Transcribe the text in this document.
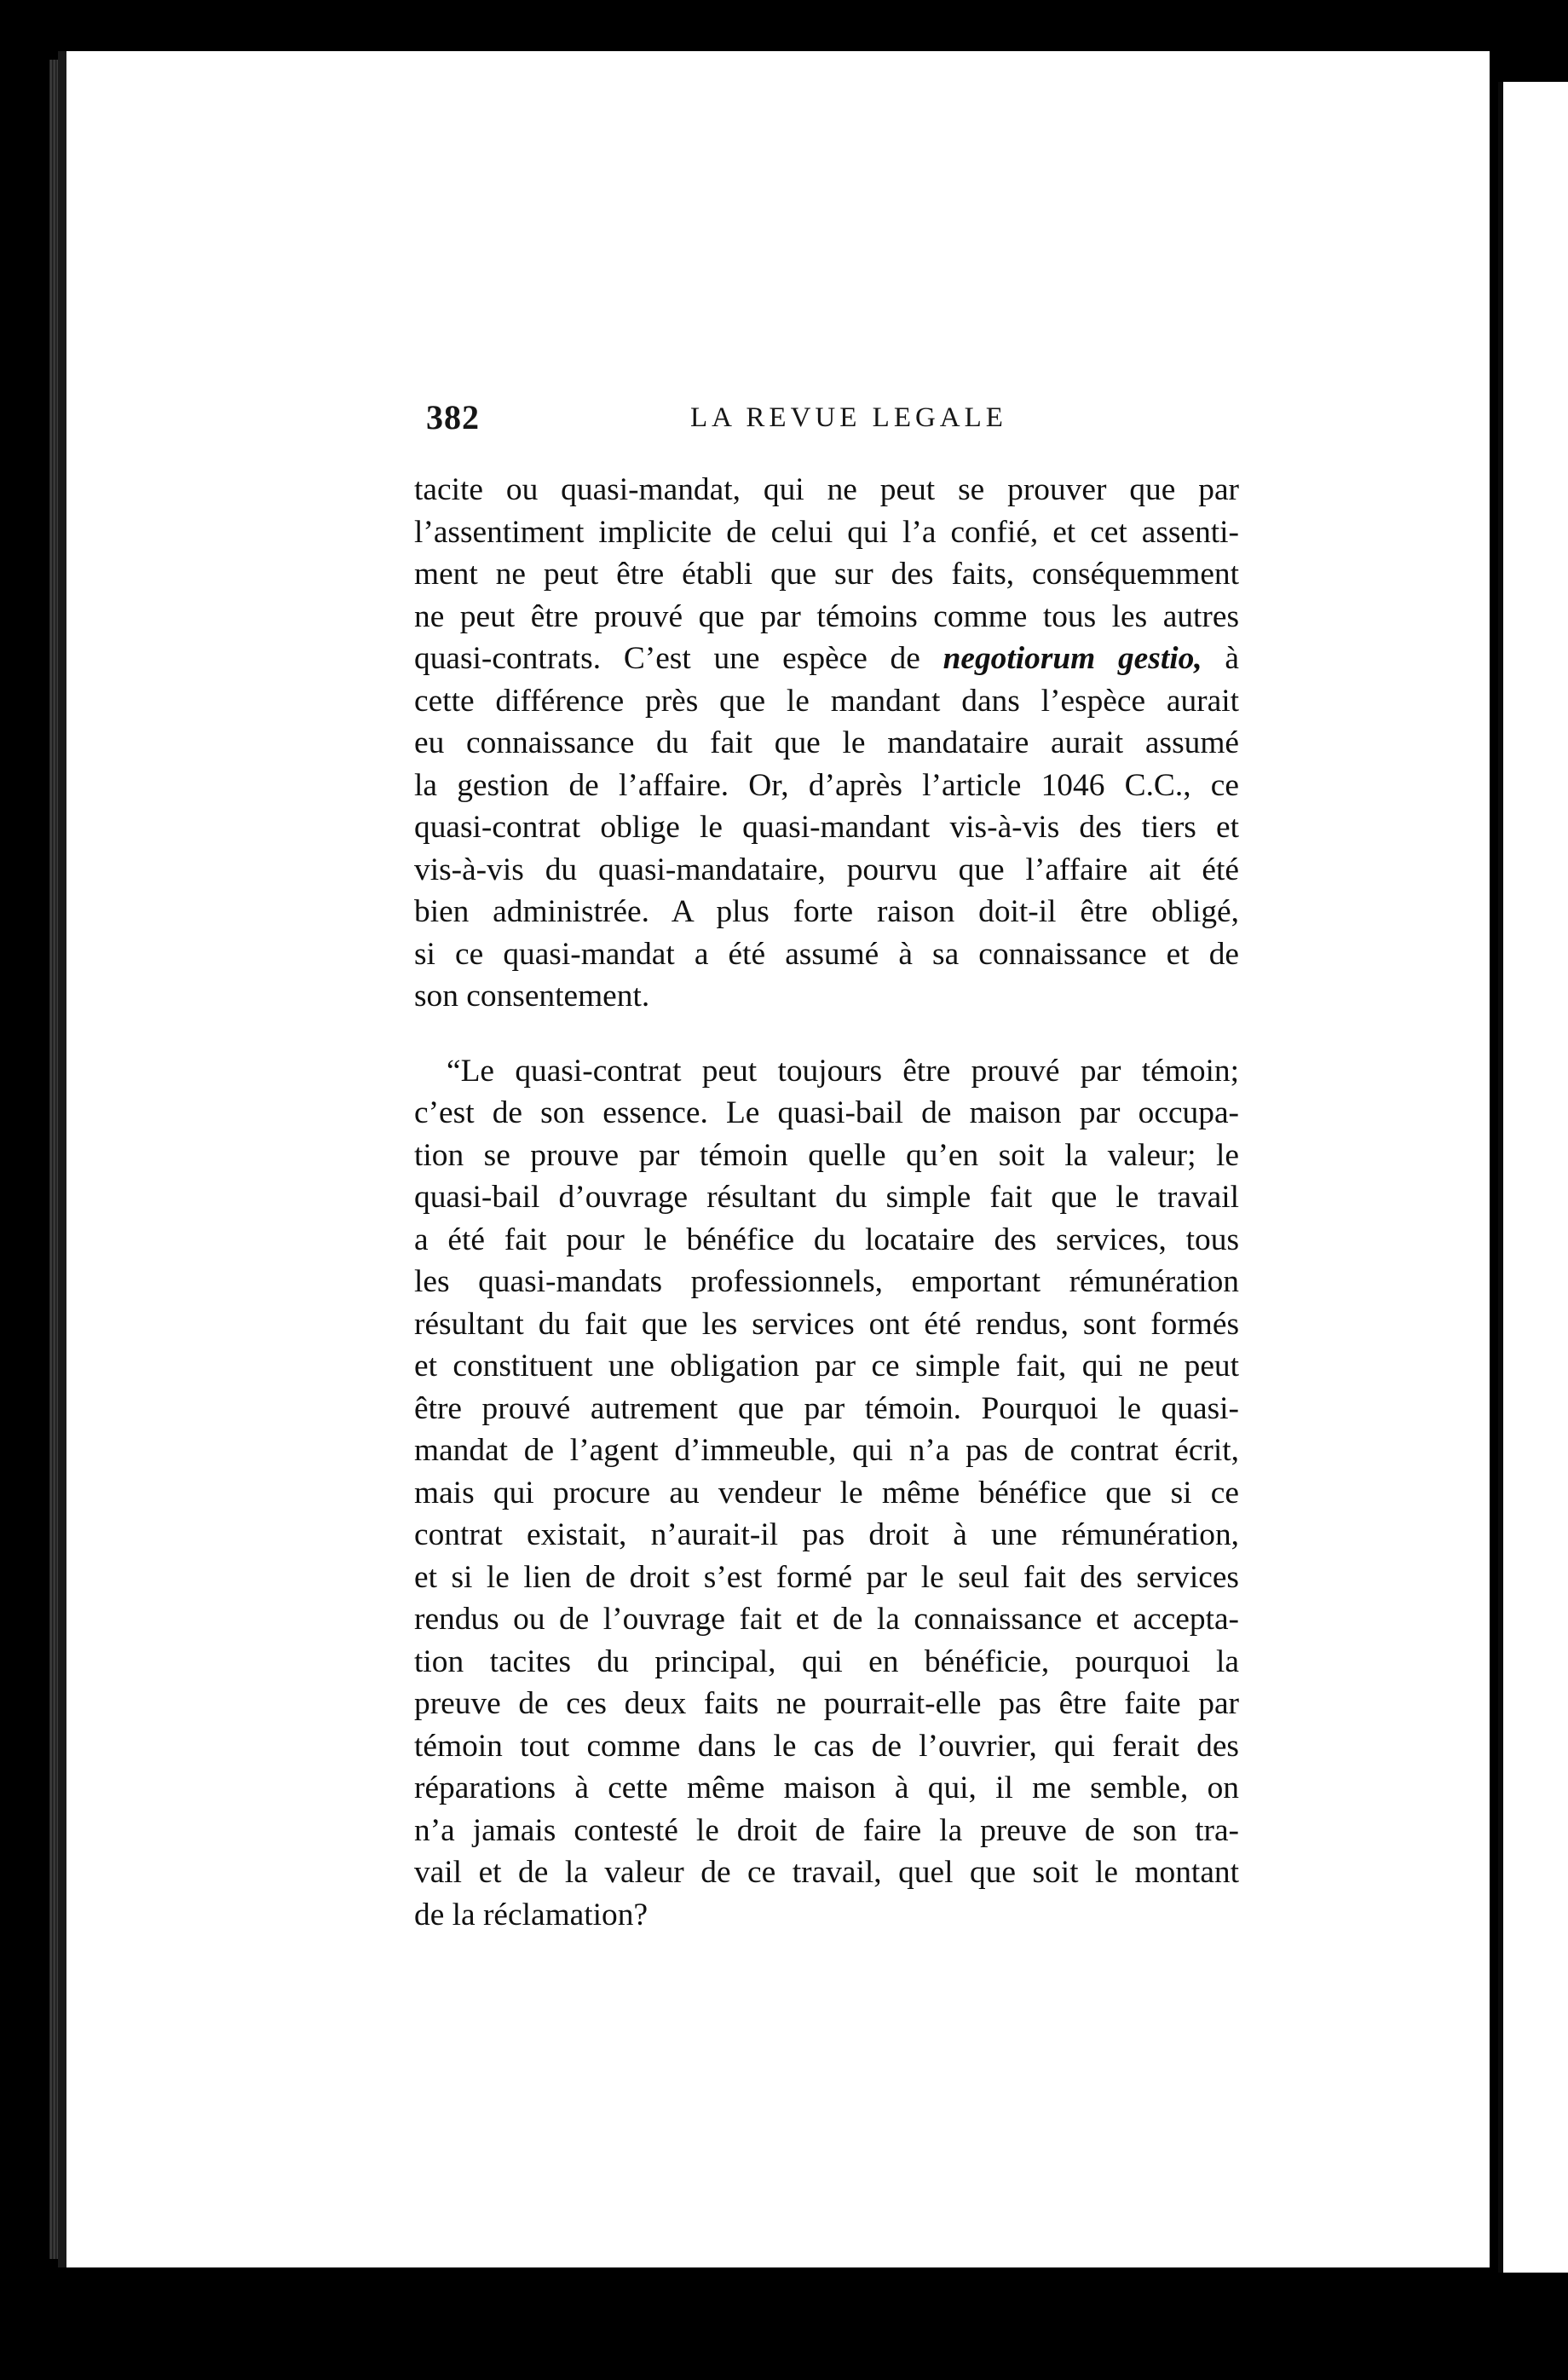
382	LA REVUE LEGALE

tacite ou quasi-mandat, qui ne peut se prouver que par
l’assentiment implicite de celui qui l’a confié, et cet assenti-
ment ne peut être établi que sur des faits, conséquemment
ne peut être prouvé que par témoins comme tous les autres
quasi-contrats. C’est une espèce de negotiorum gestio, à
cette différence près que le mandant dans l’espèce aurait
eu connaissance du fait que le mandataire aurait assumé
la gestion de l’affaire. Or, d’après l’article 1046 C.C., ce
quasi-contrat oblige le quasi-mandant vis-à-vis des tiers et
vis-à-vis du quasi-mandataire, pourvu que l’affaire ait été
bien administrée. A plus forte raison doit-il être obligé,
si ce quasi-mandat a été assumé à sa connaissance et de
son consentement.

“Le quasi-contrat peut toujours être prouvé par témoin;
c’est de son essence. Le quasi-bail de maison par occupa-
tion se prouve par témoin quelle qu’en soit la valeur; le
quasi-bail d’ouvrage résultant du simple fait que le travail
a été fait pour le bénéfice du locataire des services, tous
les quasi-mandats professionnels, emportant rémunération
résultant du fait que les services ont été rendus, sont formés
et constituent une obligation par ce simple fait, qui ne peut
être prouvé autrement que par témoin. Pourquoi le quasi-
mandat de l’agent d’immeuble, qui n’a pas de contrat écrit,
mais qui procure au vendeur le même bénéfice que si ce
contrat existait, n’aurait-il pas droit à une rémunération,
et si le lien de droit s’est formé par le seul fait des services
rendus ou de l’ouvrage fait et de la connaissance et accepta-
tion tacites du principal, qui en bénéficie, pourquoi la
preuve de ces deux faits ne pourrait-elle pas être faite par
témoin tout comme dans le cas de l’ouvrier, qui ferait des
réparations à cette même maison à qui, il me semble, on
n’a jamais contesté le droit de faire la preuve de son tra-
vail et de la valeur de ce travail, quel que soit le montant
de la réclamation?
